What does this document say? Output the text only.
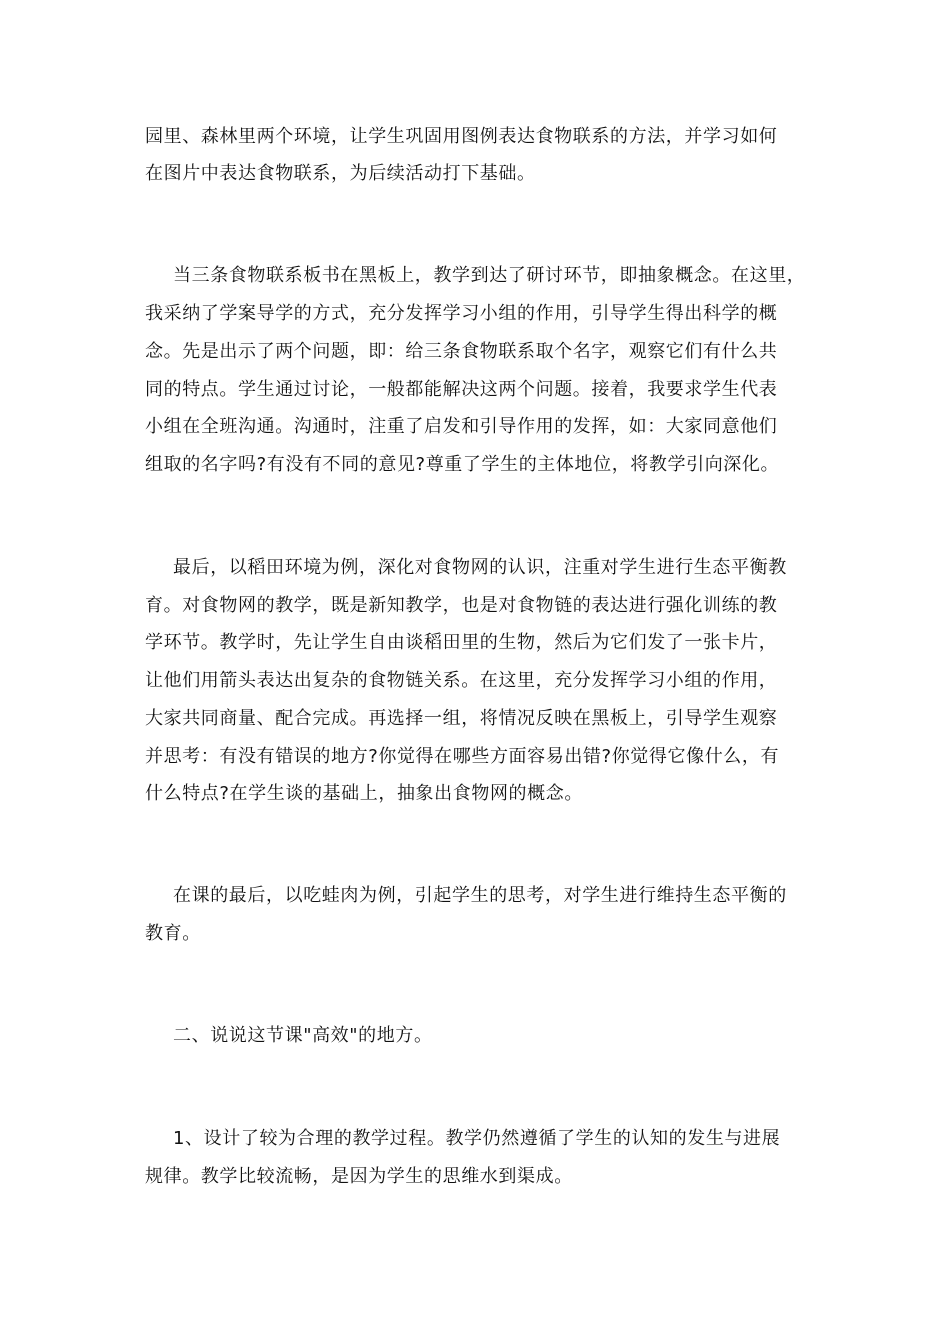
园里、森林里两个环境，让学生巩固用图例表达食物联系的方法，并学习如何
在图片中表达食物联系，为后续活动打下基础。
当三条食物联系板书在黑板上，教学到达了研讨环节，即抽象概念。在这里，
我采纳了学案导学的方式，充分发挥学习小组的作用，引导学生得出科学的概
念。先是出示了两个问题，即：给三条食物联系取个名字，观察它们有什么共
同的特点。学生通过讨论，一般都能解决这两个问题。接着，我要求学生代表
小组在全班沟通。沟通时，注重了启发和引导作用的发挥，如：大家同意他们
组取的名字吗?有没有不同的意见?尊重了学生的主体地位，将教学引向深化。
最后，以稻田环境为例，深化对食物网的认识，注重对学生进行生态平衡教
育。对食物网的教学，既是新知教学，也是对食物链的表达进行强化训练的教
学环节。教学时，先让学生自由谈稻田里的生物，然后为它们发了一张卡片，
让他们用箭头表达出复杂的食物链关系。在这里，充分发挥学习小组的作用，
大家共同商量、配合完成。再选择一组，将情况反映在黑板上，引导学生观察
并思考：有没有错误的地方?你觉得在哪些方面容易出错?你觉得它像什么，有
什么特点?在学生谈的基础上，抽象出食物网的概念。
在课的最后，以吃蛙肉为例，引起学生的思考，对学生进行维持生态平衡的
教育。
二、说说这节课"高效"的地方。
1、设计了较为合理的教学过程。教学仍然遵循了学生的认知的发生与进展
规律。教学比较流畅，是因为学生的思维水到渠成。
